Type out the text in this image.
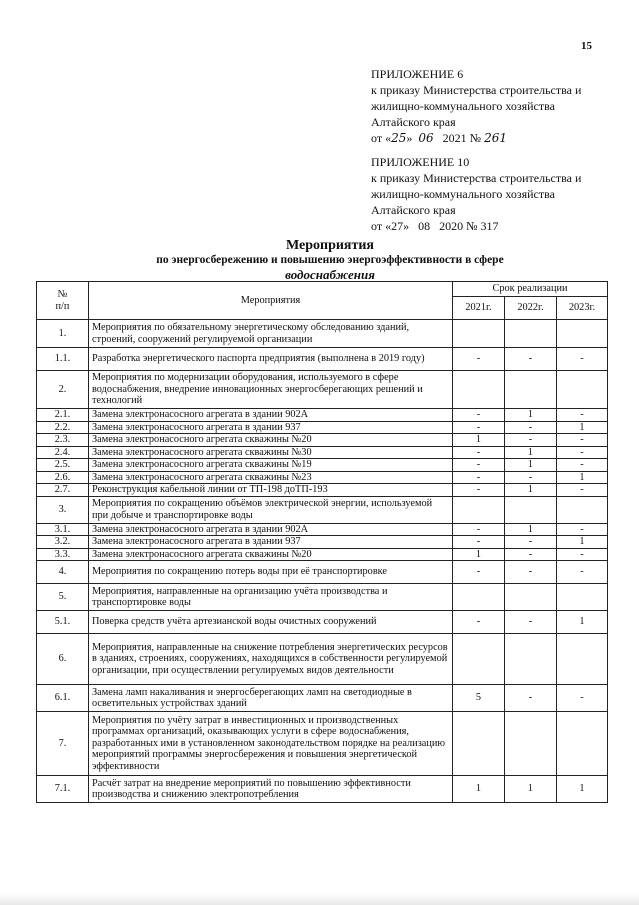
15
ПРИЛОЖЕНИЕ 6
к приказу Министерства строительства и
жилищно-коммунального хозяйства
Алтайского края
от «25» 06 2021 № 261
ПРИЛОЖЕНИЕ 10
к приказу Министерства строительства и
жилищно-коммунального хозяйства
Алтайского края
от «27»   08   2020 № 317
Мероприятия
по энергосбережению и повышению энергоэффективности в сфере
водоснабжения
№
п/п	Мероприятия	Срок реализации		
		2021г.	2022г.	2023г.
1.	Мероприятия по обязательному энергетическому обследованию зданий, строений, сооружений регулируемой организации			
1.1.	Разработка энергетического паспорта предприятия (выполнена в 2019 году)	-	-	-
2.	Мероприятия по модернизации оборудования, используемого в сфере водоснабжения, внедрение инновационных энергосберегающих решений и технологий			
2.1.	Замена электронасосного агрегата в здании 902А	-	1	-
2.2.	Замена электронасосного агрегата в здании 937	-	-	1
2.3.	Замена электронасосного агрегата скважины №20	1	-	-
2.4.	Замена электронасосного агрегата скважины №30	-	1	-
2.5.	Замена электронасосного агрегата скважины №19	-	1	-
2.6.	Замена электронасосного агрегата скважины №23	-	-	1
2.7.	Реконструкция кабельной линии от ТП-198 доТП-193	-	1	-
3.	Мероприятия по сокращению объёмов электрической энергии, используемой при добыче и транспортировке воды			
3.1.	Замена электронасосного агрегата в здании 902А	-	1	-
3.2.	Замена электронасосного агрегата в здании 937	-	-	1
3.3.	Замена электронасосного агрегата скважины №20	1	-	-
4.	Мероприятия по сокращению потерь воды при её транспортировке	-	-	-
5.	Мероприятия, направленные на организацию учёта производства и транспортировке воды			
5.1.	Поверка средств учёта артезианской воды очистных сооружений	-	-	1
6.	Мероприятия, направленные на снижение потребления энергетических ресурсов в зданиях, строениях, сооружениях, находящихся в собственности регулируемой организации, при осуществлении регулируемых видов деятельности			
6.1.	Замена ламп накаливания и энергосберегающих ламп на светодиодные в осветительных устройствах зданий	5	-	-
7.	Мероприятия по учёту затрат в инвестиционных и производственных программах организаций, оказывающих услуги в сфере водоснабжения, разработанных ими в установленном законодательством порядке на реализацию мероприятий программы энергосбережения и повышения энергетической эффективности			
7.1.	Расчёт затрат на внедрение мероприятий по повышению эффективности производства и снижению электропотребления	1	1	1
